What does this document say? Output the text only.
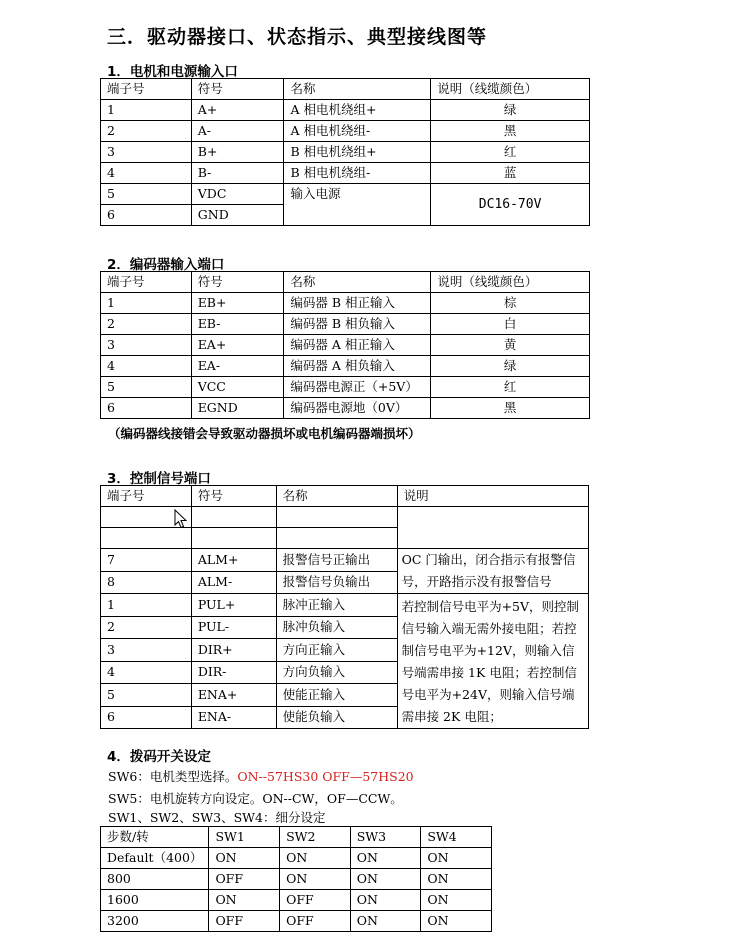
三．驱动器接口、状态指示、典型接线图等
1．电机和电源输入口
端子号	符号	名称	说明（线缆颜色）
1	A+	A 相电机绕组+	绿
2	A-	A 相电机绕组-	黑
3	B+	B 相电机绕组+	红
4	B-	B 相电机绕组-	蓝
5	VDC	输入电源	DC16-70V
6	GND		
2．编码器输入端口
端子号	符号	名称	说明（线缆颜色）
1	EB+	编码器 B 相正输入	棕
2	EB-	编码器 B 相负输入	白
3	EA+	编码器 A 相正输入	黄
4	EA-	编码器 A 相负输入	绿
5	VCC	编码器电源正（+5V）	红
6	EGND	编码器电源地（0V）	黑
（编码器线接错会导致驱动器损坏或电机编码器端损坏）
3．控制信号端口
端子号	符号	名称	说明

7	ALM+	报警信号正输出	OC 门输出，闭合指示有报警信号，开路指示没有报警信号
8	ALM-	报警信号负输出	
1	PUL+	脉冲正输入	若控制信号电平为+5V，则控制信号输入端无需外接电阻；若控制信号电平为+12V，则输入信号端需串接 1K 电阻；若控制信号电平为+24V，则输入信号端需串接 2K 电阻；
2	PUL-	脉冲负输入	
3	DIR+	方向正输入	
4	DIR-	方向负输入	
5	ENA+	使能正输入	
6	ENA-	使能负输入	
4．拨码开关设定
SW6：电机类型选择。ON--57HS30 OFF—57HS20
SW5：电机旋转方向设定。ON--CW，OF—CCW。
SW1、SW2、SW3、SW4：细分设定
步数/转	SW1	SW2	SW3	SW4
Default（400）	ON	ON	ON	ON
800	OFF	ON	ON	ON
1600	ON	OFF	ON	ON
3200	OFF	OFF	ON	ON
